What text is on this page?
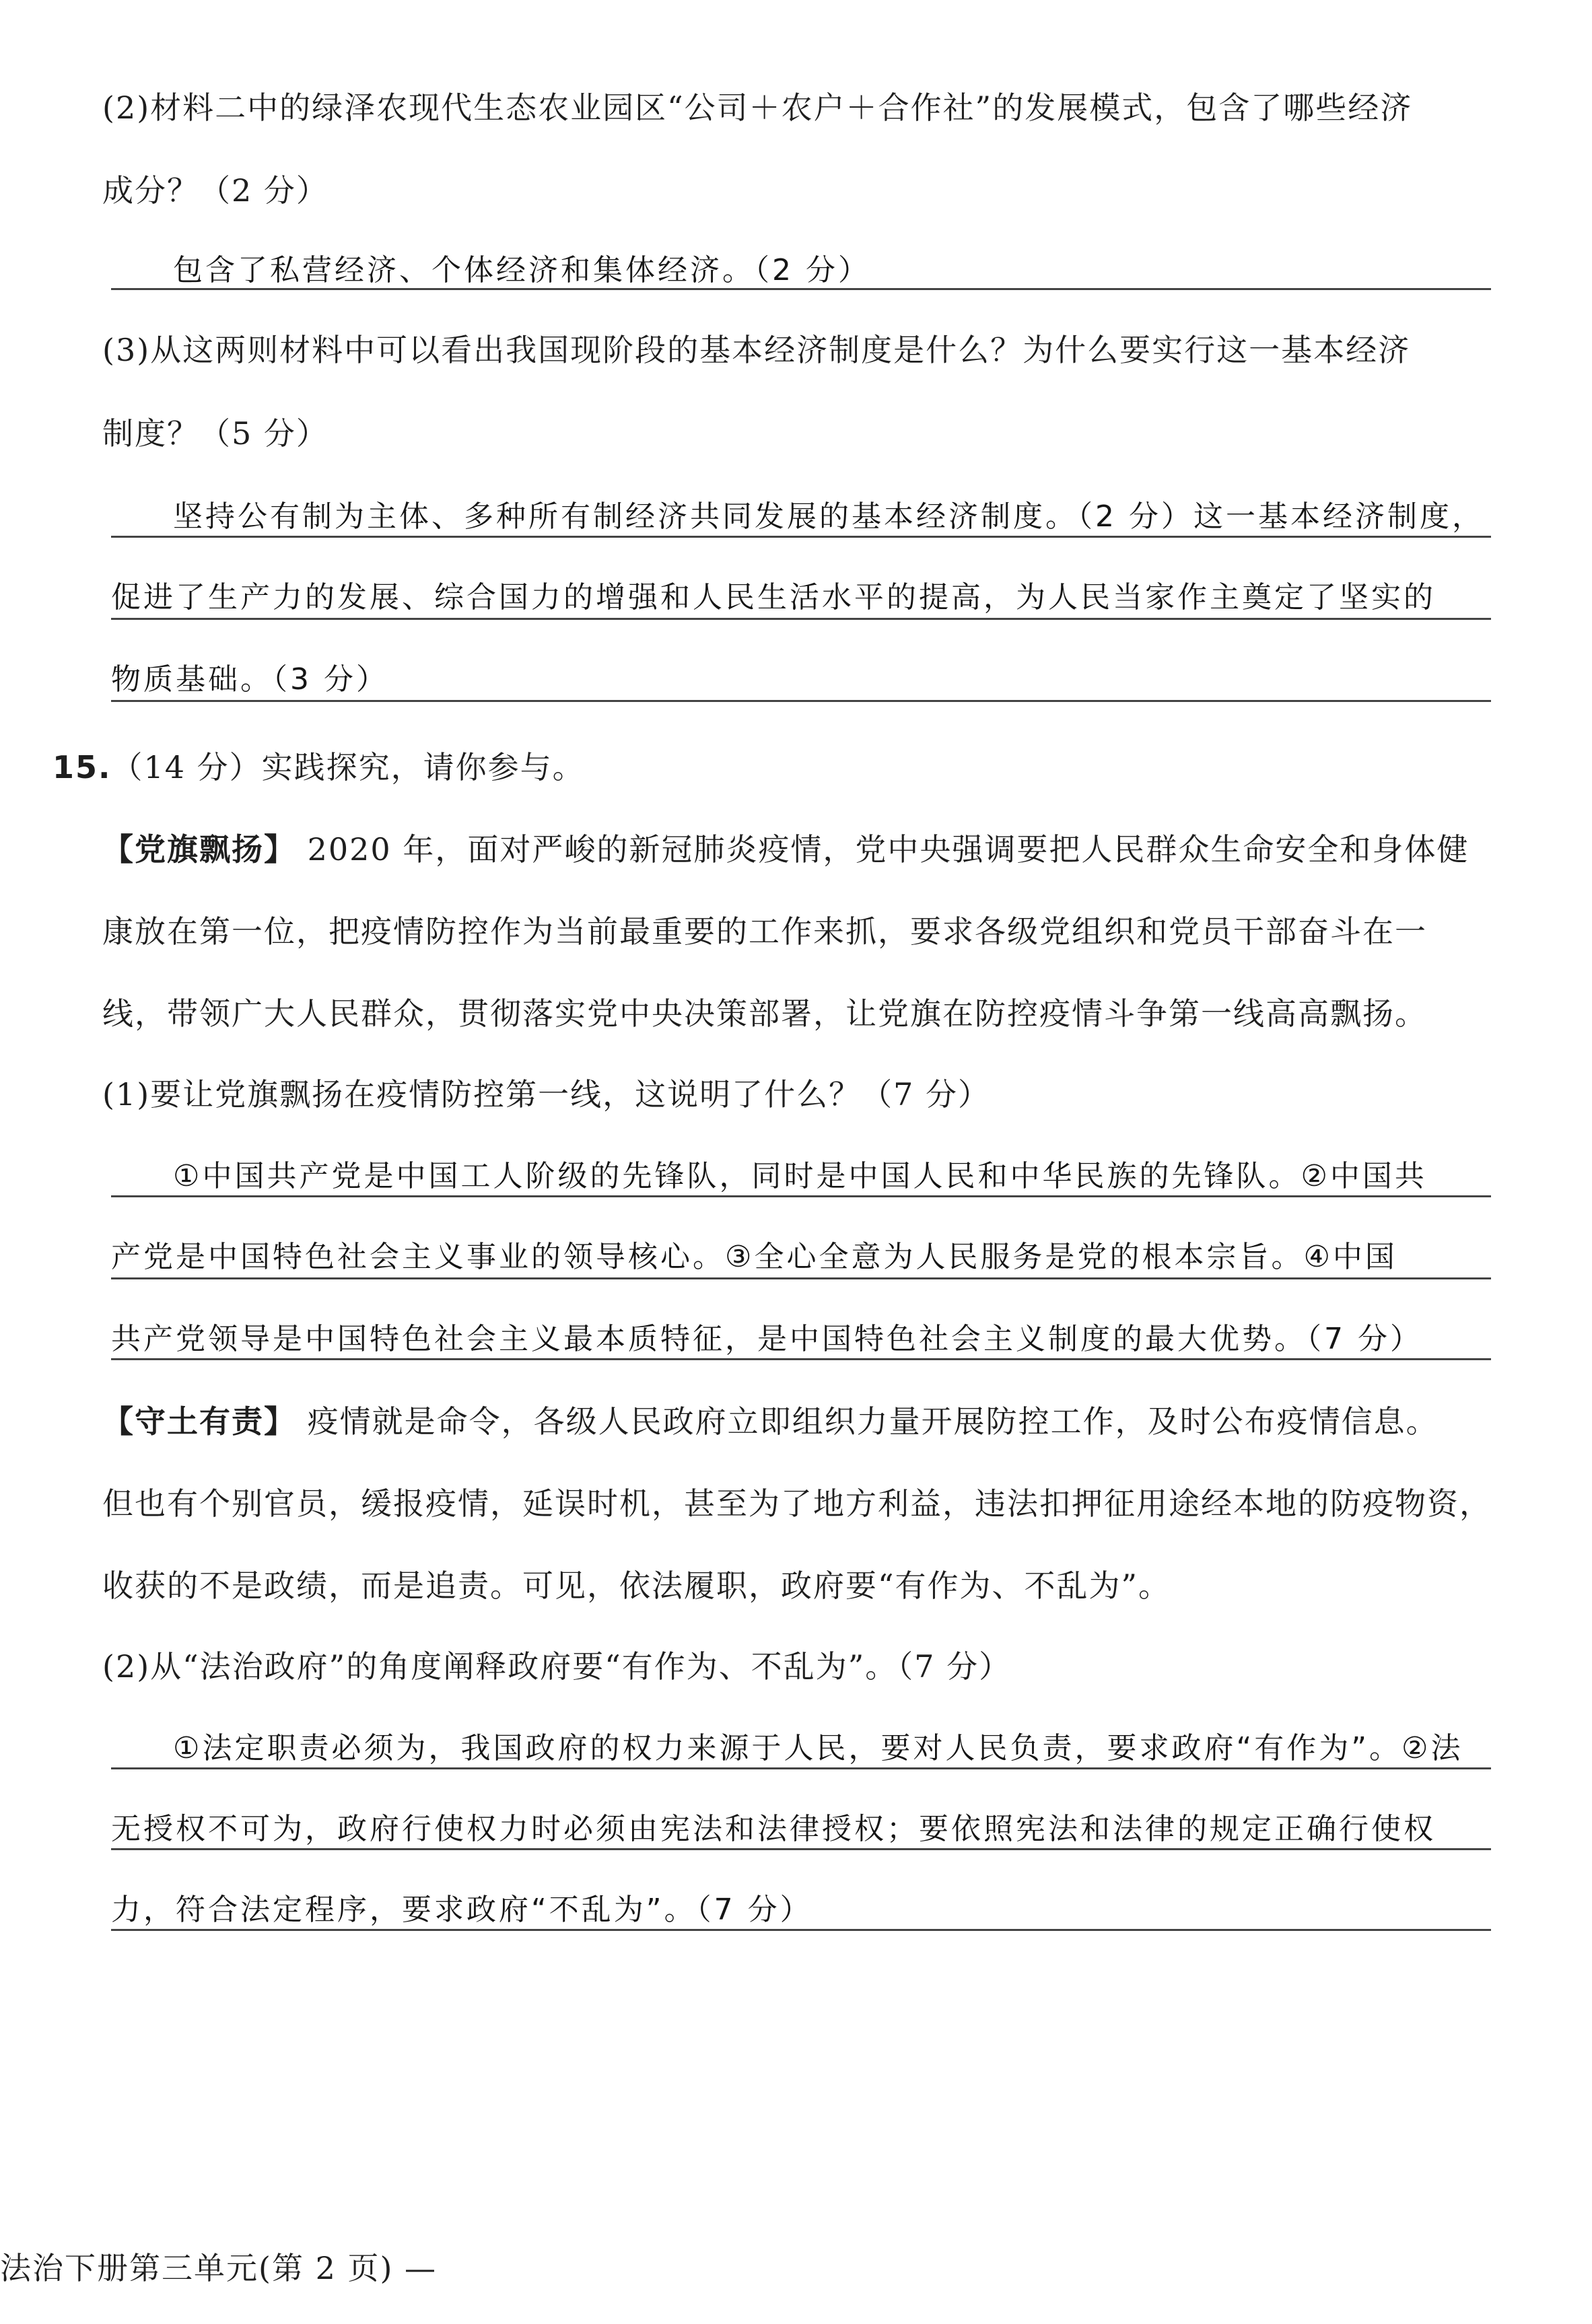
(2)材料二中的绿泽农现代生态农业园区“公司＋农户＋合作社”的发展模式，包含了哪些经济
成分？（2 分）
包含了私营经济、个体经济和集体经济。（2 分）
(3)从这两则材料中可以看出我国现阶段的基本经济制度是什么？为什么要实行这一基本经济
制度？（5 分）
坚持公有制为主体、多种所有制经济共同发展的基本经济制度。（2 分）这一基本经济制度，
促进了生产力的发展、综合国力的增强和人民生活水平的提高，为人民当家作主奠定了坚实的
物质基础。（3 分）
15.（14 分）实践探究，请你参与。
【党旗飘扬】 2020 年，面对严峻的新冠肺炎疫情，党中央强调要把人民群众生命安全和身体健
康放在第一位，把疫情防控作为当前最重要的工作来抓，要求各级党组织和党员干部奋斗在一
线，带领广大人民群众，贯彻落实党中央决策部署，让党旗在防控疫情斗争第一线高高飘扬。
(1)要让党旗飘扬在疫情防控第一线，这说明了什么？（7 分）
①中国共产党是中国工人阶级的先锋队，同时是中国人民和中华民族的先锋队。②中国共
产党是中国特色社会主义事业的领导核心。③全心全意为人民服务是党的根本宗旨。④中国
共产党领导是中国特色社会主义最本质特征，是中国特色社会主义制度的最大优势。（7 分）
【守土有责】 疫情就是命令，各级人民政府立即组织力量开展防控工作，及时公布疫情信息。
但也有个别官员，缓报疫情，延误时机，甚至为了地方利益，违法扣押征用途经本地的防疫物资，
收获的不是政绩，而是追责。可见，依法履职，政府要“有作为、不乱为”。
(2)从“法治政府”的角度阐释政府要“有作为、不乱为”。（7 分）
①法定职责必须为，我国政府的权力来源于人民，要对人民负责，要求政府“有作为”。②法
无授权不可为，政府行使权力时必须由宪法和法律授权；要依照宪法和法律的规定正确行使权
力，符合法定程序，要求政府“不乱为”。（7 分）
法治下册第三单元(第 2 页) —
